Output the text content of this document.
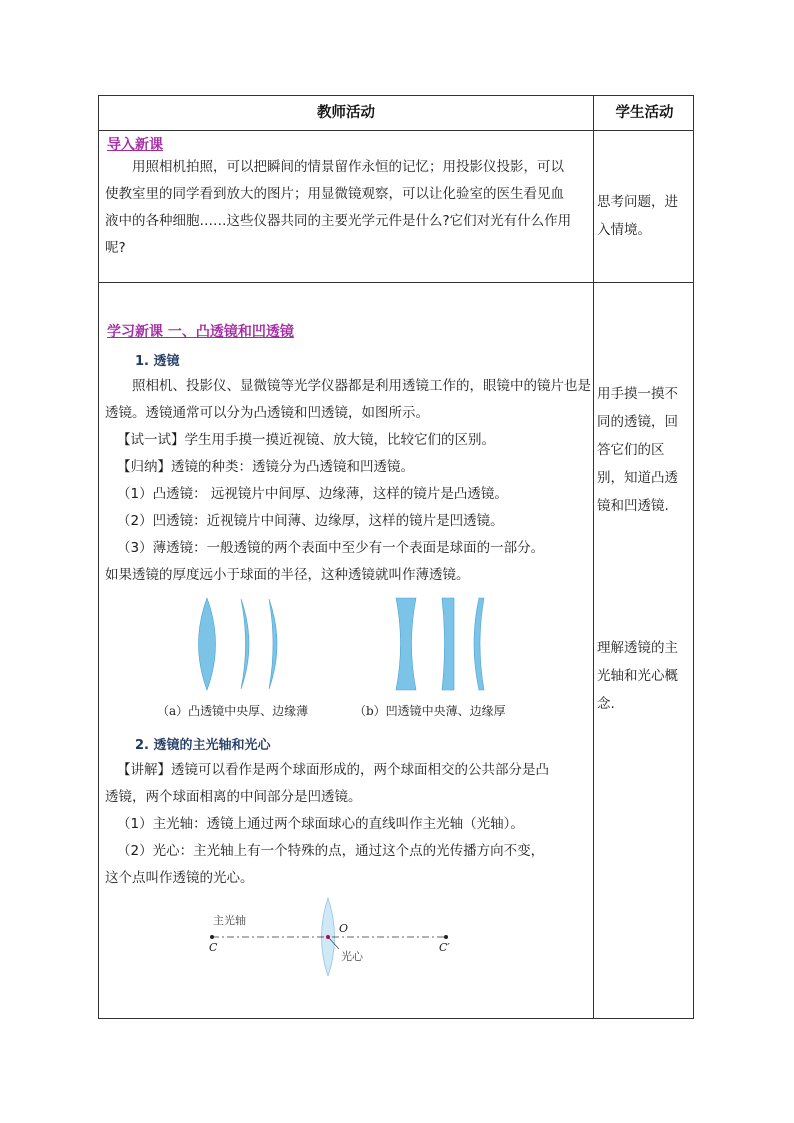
教师活动	学生活动
导入新课
用照相机拍照，可以把瞬间的情景留作永恒的记忆；用投影仪投影，可以
使教室里的同学看到放大的图片；用显微镜观察，可以让化验室的医生看见血
液中的各种细胞……这些仪器共同的主要光学元件是什么?它们对光有什么作用
呢?
思考问题，进入情境。
学习新课 一、凸透镜和凹透镜
1. 透镜
照相机、投影仪、显微镜等光学仪器都是利用透镜工作的，眼镜中的镜片也是
透镜。透镜通常可以分为凸透镜和凹透镜，如图所示。
【试一试】学生用手摸一摸近视镜、放大镜，比较它们的区别。
【归纳】透镜的种类：透镜分为凸透镜和凹透镜。
（1）凸透镜： 远视镜片中间厚、边缘薄，这样的镜片是凸透镜。
（2）凹透镜：近视镜片中间薄、边缘厚，这样的镜片是凹透镜。
（3）薄透镜：一般透镜的两个表面中至少有一个表面是球面的一部分。
如果透镜的厚度远小于球面的半径，这种透镜就叫作薄透镜。
（a）凸透镜中央厚、边缘薄	（b）凹透镜中央薄、边缘厚
2. 透镜的主光轴和光心
【讲解】透镜可以看作是两个球面形成的，两个球面相交的公共部分是凸
透镜，两个球面相离的中间部分是凹透镜。
（1）主光轴：透镜上通过两个球面球心的直线叫作主光轴（光轴）。
（2）光心：主光轴上有一个特殊的点，通过这个点的光传播方向不变，
这个点叫作透镜的光心。
主光轴
C
O
C′
光心
用手摸一摸不同的透镜，回答它们的区别，知道凸透镜和凹透镜.
理解透镜的主光轴和光心概念.
